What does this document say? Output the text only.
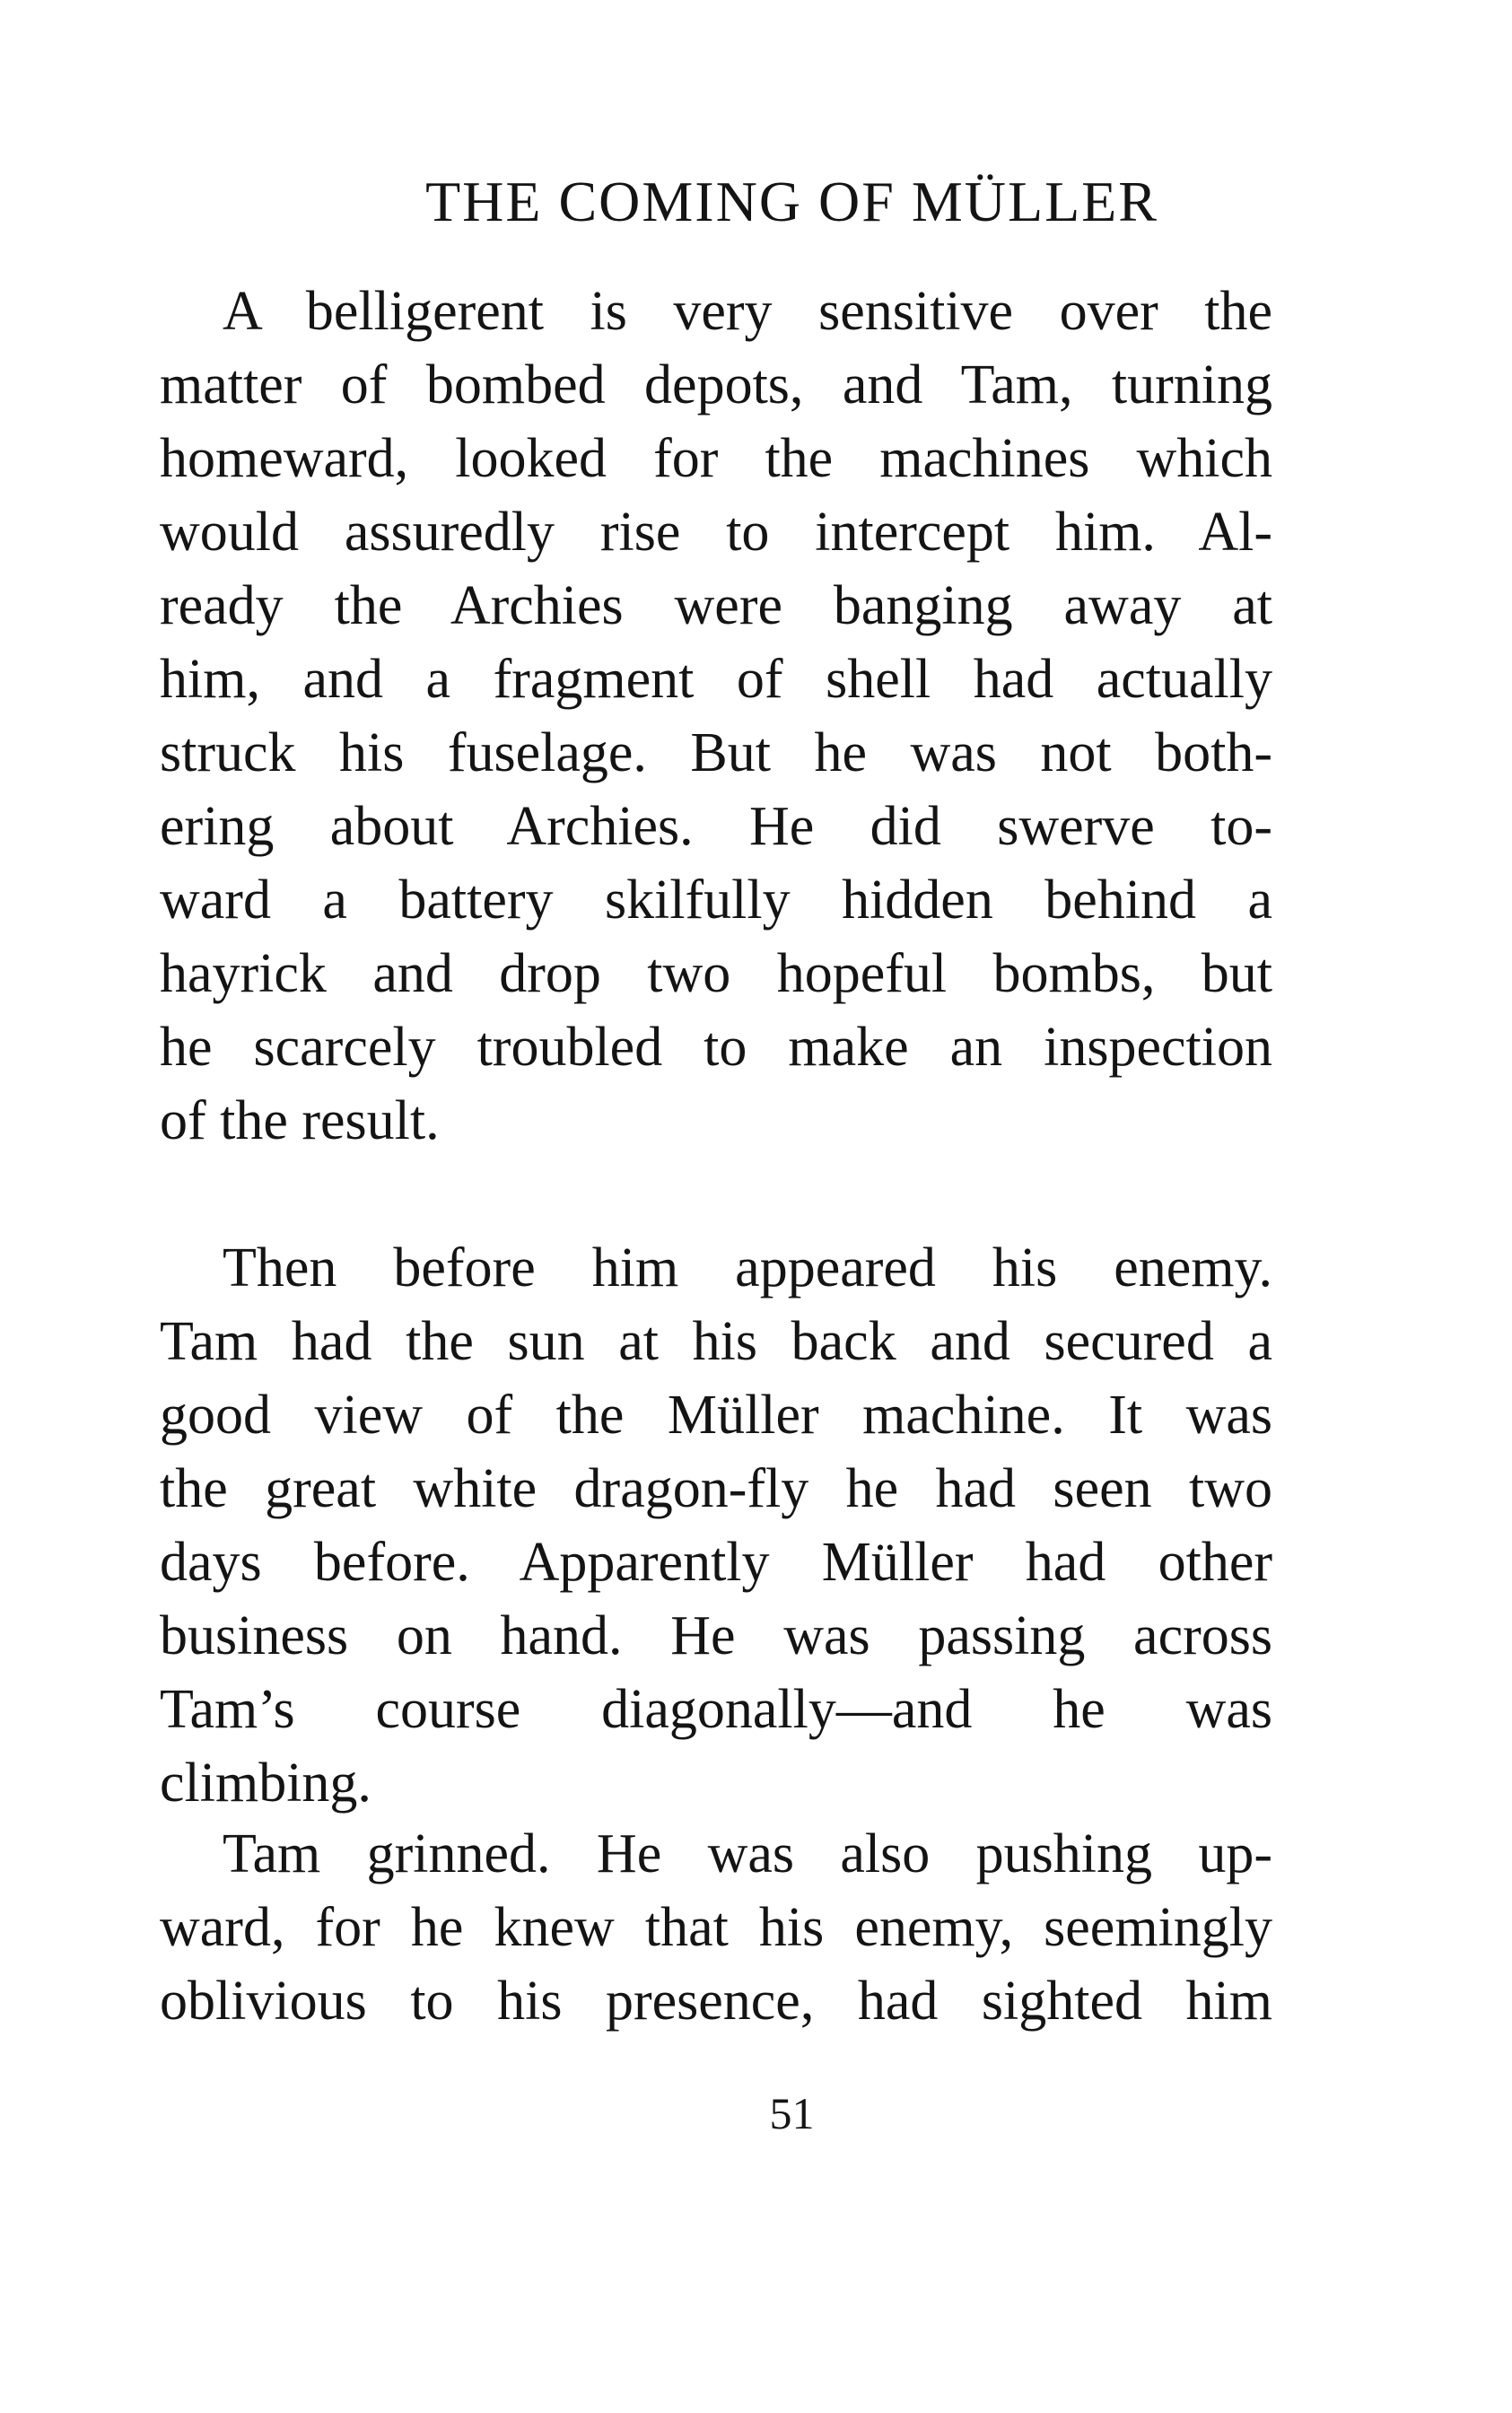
THE COMING OF MÜLLER
A belligerent is very sensitive over the
matter of bombed depots, and Tam, turning
homeward, looked for the machines which
would assuredly rise to intercept him. Al-
ready the Archies were banging away at
him, and a fragment of shell had actually
struck his fuselage. But he was not both-
ering about Archies. He did swerve to-
ward a battery skilfully hidden behind a
hayrick and drop two hopeful bombs, but
he scarcely troubled to make an inspection
of the result.
Then before him appeared his enemy.
Tam had the sun at his back and secured a
good view of the Müller machine. It was
the great white dragon-fly he had seen two
days before. Apparently Müller had other
business on hand. He was passing across
Tam’s course diagonally—and he was
climbing.
Tam grinned. He was also pushing up-
ward, for he knew that his enemy, seemingly
oblivious to his presence, had sighted him
51
